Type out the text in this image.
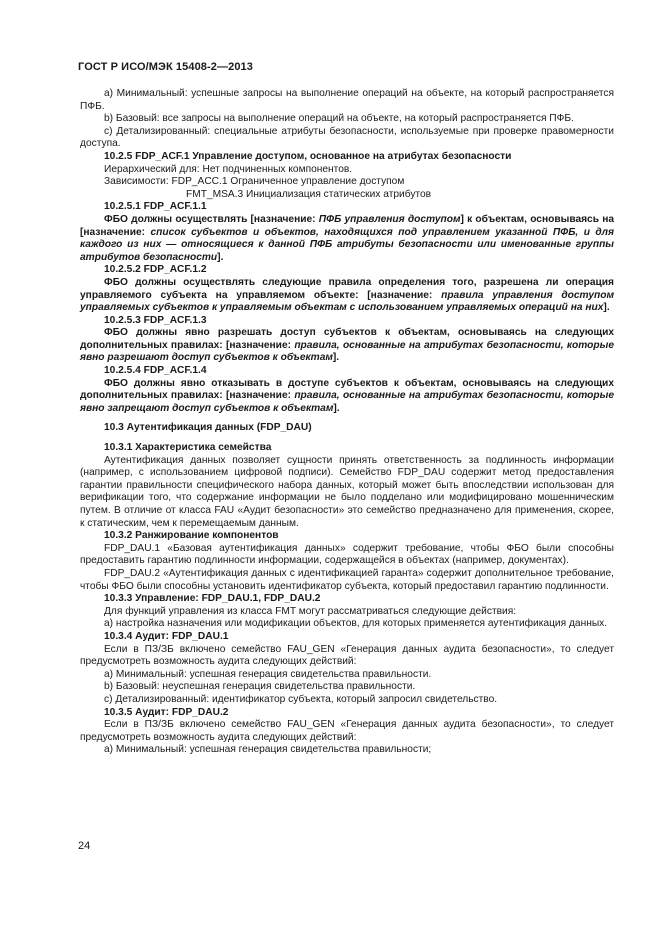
ГОСТ Р ИСО/МЭК 15408-2—2013

a) Минимальный: успешные запросы на выполнение операций на объекте, на который распространяется ПФБ.

b) Базовый: все запросы на выполнение операций на объекте, на который распространяется ПФБ.

c) Детализированный: специальные атрибуты безопасности, используемые при проверке правомерности доступа.

10.2.5 FDP_ACF.1 Управление доступом, основанное на атрибутах безопасности

Иерархический для: Нет подчиненных компонентов.

Зависимости: FDP_ACC.1 Ограниченное управление доступом

FMT_MSA.3 Инициализация статических атрибутов

10.2.5.1 FDP_ACF.1.1

ФБО должны осуществлять [назначение: ПФБ управления доступом] к объектам, основываясь на [назначение: список субъектов и объектов, находящихся под управлением указанной ПФБ, и для каждого из них — относящиеся к данной ПФБ атрибуты безопасности или именованные группы атрибутов безопасности].

10.2.5.2 FDP_ACF.1.2

ФБО должны осуществлять следующие правила определения того, разрешена ли операция управляемого субъекта на управляемом объекте: [назначение: правила управления доступом управляемых субъектов к управляемым объектам с использованием управляемых операций на них].

10.2.5.3 FDP_ACF.1.3

ФБО должны явно разрешать доступ субъектов к объектам, основываясь на следующих дополнительных правилах: [назначение: правила, основанные на атрибутах безопасности, которые явно разрешают доступ субъектов к объектам].

10.2.5.4 FDP_ACF.1.4

ФБО должны явно отказывать в доступе субъектов к объектам, основываясь на следующих дополнительных правилах: [назначение: правила, основанные на атрибутах безопасности, которые явно запрещают доступ субъектов к объектам].

10.3 Аутентификация данных (FDP_DAU)

10.3.1 Характеристика семейства

Аутентификация данных позволяет сущности принять ответственность за подлинность информации (например, с использованием цифровой подписи). Семейство FDP_DAU содержит метод предоставления гарантии правильности специфического набора данных, который может быть впоследствии использован для верификации того, что содержание информации не было подделано или модифицировано мошенническим путем. В отличие от класса FAU «Аудит безопасности» это семейство предназначено для применения, скорее, к статическим, чем к перемещаемым данным.

10.3.2 Ранжирование компонентов

FDP_DAU.1 «Базовая аутентификация данных» содержит требование, чтобы ФБО были способны предоставить гарантию подлинности информации, содержащейся в объектах (например, документах).

FDP_DAU.2 «Аутентификация данных с идентификацией гаранта» содержит дополнительное требование, чтобы ФБО были способны установить идентификатор субъекта, который предоставил гарантию подлинности.

10.3.3 Управление: FDP_DAU.1, FDP_DAU.2

Для функций управления из класса FMT могут рассматриваться следующие действия:

а) настройка назначения или модификации объектов, для которых применяется аутентификация данных.

10.3.4 Аудит: FDP_DAU.1

Если в ПЗ/ЗБ включено семейство FAU_GEN «Генерация данных аудита безопасности», то следует предусмотреть возможность аудита следующих действий:

а) Минимальный: успешная генерация свидетельства правильности.

b) Базовый: неуспешная генерация свидетельства правильности.

c) Детализированный: идентификатор субъекта, который запросил свидетельство.

10.3.5 Аудит: FDP_DAU.2

Если в ПЗ/ЗБ включено семейство FAU_GEN «Генерация данных аудита безопасности», то следует предусмотреть возможность аудита следующих действий:

а) Минимальный: успешная генерация свидетельства правильности;

24
